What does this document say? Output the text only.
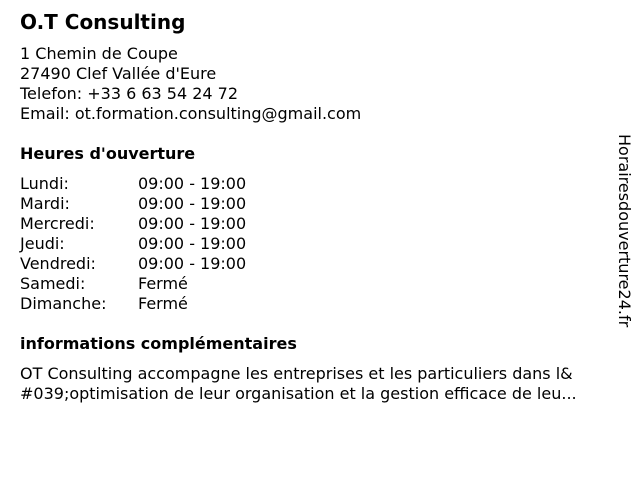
O.T Consulting
1 Chemin de Coupe
27490 Clef Vallée d'Eure
Telefon: +33 6 63 54 24 72
Email: ot.formation.consulting@gmail.com
Heures d'ouverture
Lundi:	09:00 - 19:00
Mardi:	09:00 - 19:00
Mercredi:	09:00 - 19:00
Jeudi:	09:00 - 19:00
Vendredi:	09:00 - 19:00
Samedi:	Fermé
Dimanche:	Fermé
informations complémentaires
OT Consulting accompagne les entreprises et les particuliers dans l&
#039;optimisation de leur organisation et la gestion efficace de leu...
Horairesdouverture24.fr
